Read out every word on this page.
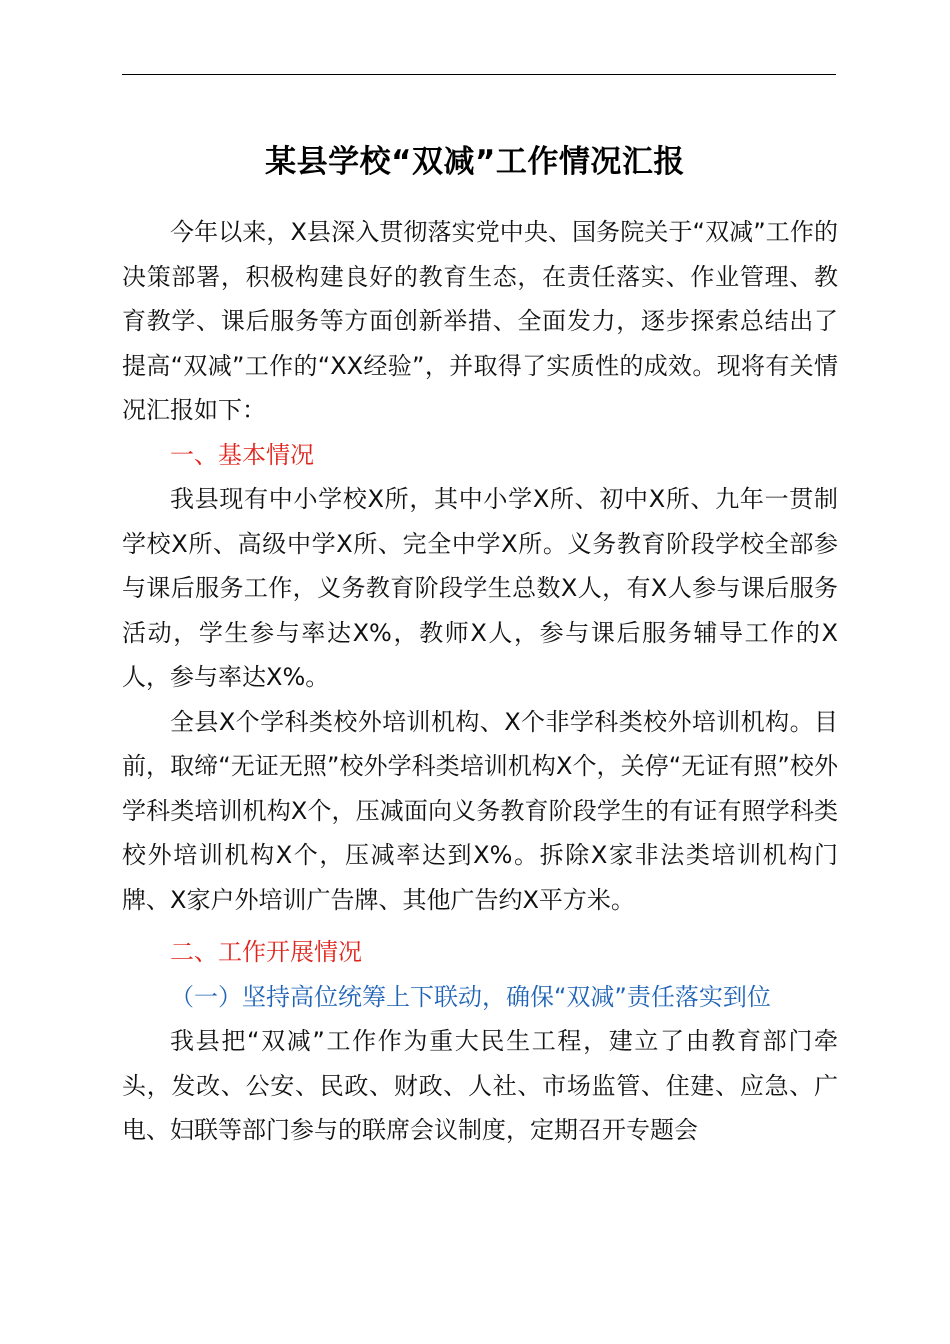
某县学校“双减”工作情况汇报

今年以来，X县深入贯彻落实党中央、国务院关于“双减”工作的决策部署，积极构建良好的教育生态，在责任落实、作业管理、教育教学、课后服务等方面创新举措、全面发力，逐步探索总结出了提高“双减”工作的“XX经验”，并取得了实质性的成效。现将有关情况汇报如下：

一、基本情况

我县现有中小学校X所，其中小学X所、初中X所、九年一贯制学校X所、高级中学X所、完全中学X所。义务教育阶段学校全部参与课后服务工作，义务教育阶段学生总数X人，有X人参与课后服务活动，学生参与率达X%，教师X人，参与课后服务辅导工作的X人，参与率达X%。

全县X个学科类校外培训机构、X个非学科类校外培训机构。目前，取缔“无证无照”校外学科类培训机构X个，关停“无证有照”校外学科类培训机构X个，压减面向义务教育阶段学生的有证有照学科类校外培训机构X个，压减率达到X%。拆除X家非法类培训机构门牌、X家户外培训广告牌、其他广告约X平方米。

二、工作开展情况
（一）坚持高位统筹上下联动，确保“双减”责任落实到位

我县把“双减”工作作为重大民生工程，建立了由教育部门牵头，发改、公安、民政、财政、人社、市场监管、住建、应急、广电、妇联等部门参与的联席会议制度，定期召开专题会
